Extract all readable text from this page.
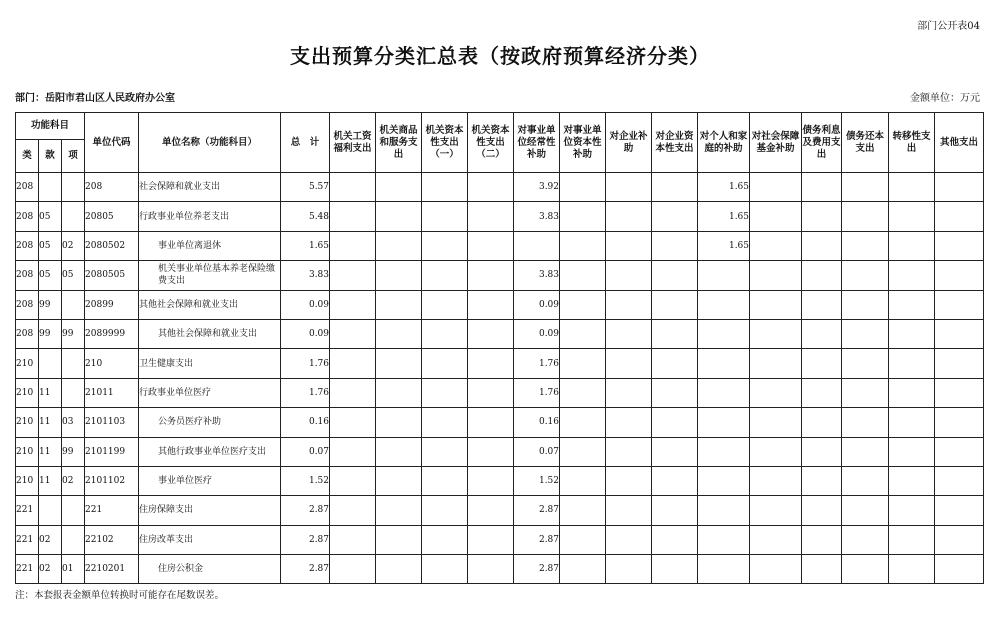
部门公开表04
支出预算分类汇总表（按政府预算经济分类）
部门：岳阳市君山区人民政府办公室	金额单位：万元
功能科目			单位代码	单位名称（功能科目）	总　计	机关工资福利支出	机关商品和服务支出	机关资本性支出（一）	机关资本性支出（二）	对事业单位经常性补助	对事业单位资本性补助	对企业补助	对企业资本性支出	对个人和家庭的补助	对社会保障基金补助	债务利息及费用支出	债务还本支出	转移性支出	其他支出
类	款	项																	
208			208	社会保障和就业支出	5.57					3.92				1.65					
208	05		20805	行政事业单位养老支出	5.48					3.83				1.65					
208	05	02	2080502	事业单位离退休	1.65									1.65					
208	05	05	2080505	机关事业单位基本养老保险缴费支出	3.83					3.83									
208	99		20899	其他社会保障和就业支出	0.09					0.09									
208	99	99	2089999	其他社会保障和就业支出	0.09					0.09									
210			210	卫生健康支出	1.76					1.76									
210	11		21011	行政事业单位医疗	1.76					1.76									
210	11	03	2101103	公务员医疗补助	0.16					0.16									
210	11	99	2101199	其他行政事业单位医疗支出	0.07					0.07									
210	11	02	2101102	事业单位医疗	1.52					1.52									
221			221	住房保障支出	2.87					2.87									
221	02		22102	住房改革支出	2.87					2.87									
221	02	01	2210201	住房公积金	2.87					2.87									
注：本套报表金额单位转换时可能存在尾数误差。
